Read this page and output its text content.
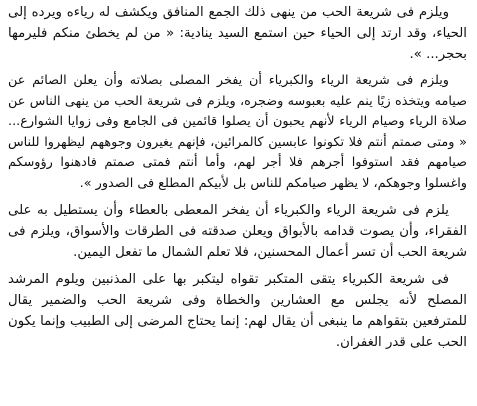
ويلزم فى شريعة الحب من ينهى ذلك الجمع المنافق ويكشف له رياءه ويرده إلى الحياء، وقد ارتد إلى الحياء حين استمع السيد ينادية: « من لم يخطئ منكم فليرمها بحجر... ».

ويلزم فى شريعة الرياء والكبرياء أن يفخر المصلى بصلاته وأن يعلن الصائم عن صيامه ويتخذه زيًا ينم عليه بعبوسه وضجره، ويلزم فى شريعة الحب من ينهى الناس عن صلاة الرياء وصيام الرياء لأنهم يحبون أن يصلوا قائمين فى الجامع وفى زوايا الشوارع... « ومتى صمتم أنتم فلا تكونوا عابسين كالمرائين، فإنهم يغيرون وجوههم ليظهروا للناس صيامهم فقد استوفوا أجرهم فلا أجر لهم، وأما أنتم فمتى صمتم فادهنوا رؤوسكم واغسلوا وجوهكم، لا يظهر صيامكم للناس بل لأبيكم المطلع فى الصدور ».

يلزم فى شريعة الرياء والكبرياء أن يفخر المعطى بالعطاء وأن يستطيل به على الفقراء، وأن يصوت قدامه بالأبواق ويعلن صدقته فى الطرقات والأسواق، ويلزم فى شريعة الحب أن تسر أعمال المحسنين، فلا تعلم الشمال ما تفعل اليمين.

فى شريعة الكبرياء يتقى المتكبر تقواه ليتكبر بها على المذنبين ويلوم المرشد المصلح لأنه يجلس مع العشارين والخطاة وفى شريعة الحب والضمير يقال للمترفعين بتقواهم ما ينبغى أن يقال لهم: إنما يحتاج المرضى إلى الطبيب وإنما يكون الحب على قدر الغفران.
